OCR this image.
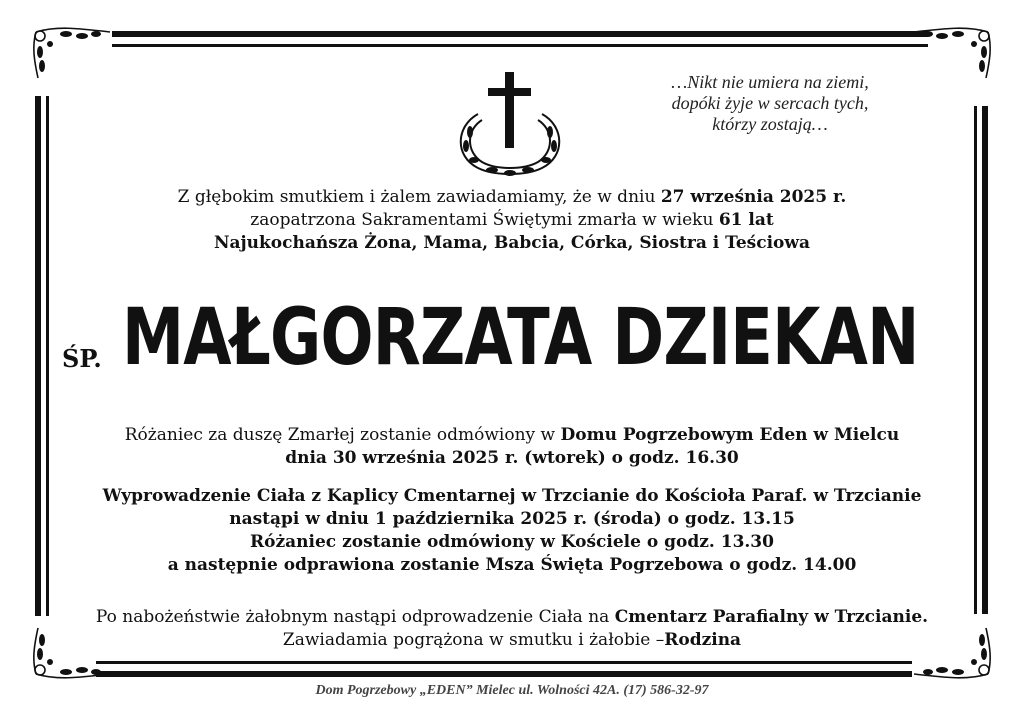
…Nikt nie umiera na ziemi,
dopóki żyje w sercach tych,
którzy zostają…
Z głębokim smutkiem i żalem zawiadamiamy, że w dniu 27 września 2025 r.
zaopatrzona Sakramentami Świętymi zmarła w wieku 61 lat
Najukochańsza Żona, Mama, Babcia, Córka, Siostra i Teściowa
ŚP. MAŁGORZATA DZIEKAN
Różaniec za duszę Zmarłej zostanie odmówiony w Domu Pogrzebowym Eden w Mielcu
dnia 30 września 2025 r. (wtorek) o godz. 16.30
Wyprowadzenie Ciała z Kaplicy Cmentarnej w Trzcianie do Kościoła Paraf. w Trzcianie
nastąpi w dniu 1 października 2025 r. (środa) o godz. 13.15
Różaniec zostanie odmówiony w Kościele o godz. 13.30
a następnie odprawiona zostanie Msza Święta Pogrzebowa o godz. 14.00
Po nabożeństwie żałobnym nastąpi odprowadzenie Ciała na Cmentarz Parafialny w Trzcianie.
Zawiadamia pogrążona w smutku i żałobie –Rodzina
Dom Pogrzebowy „EDEN” Mielec ul. Wolności 42A. (17) 586-32-97
